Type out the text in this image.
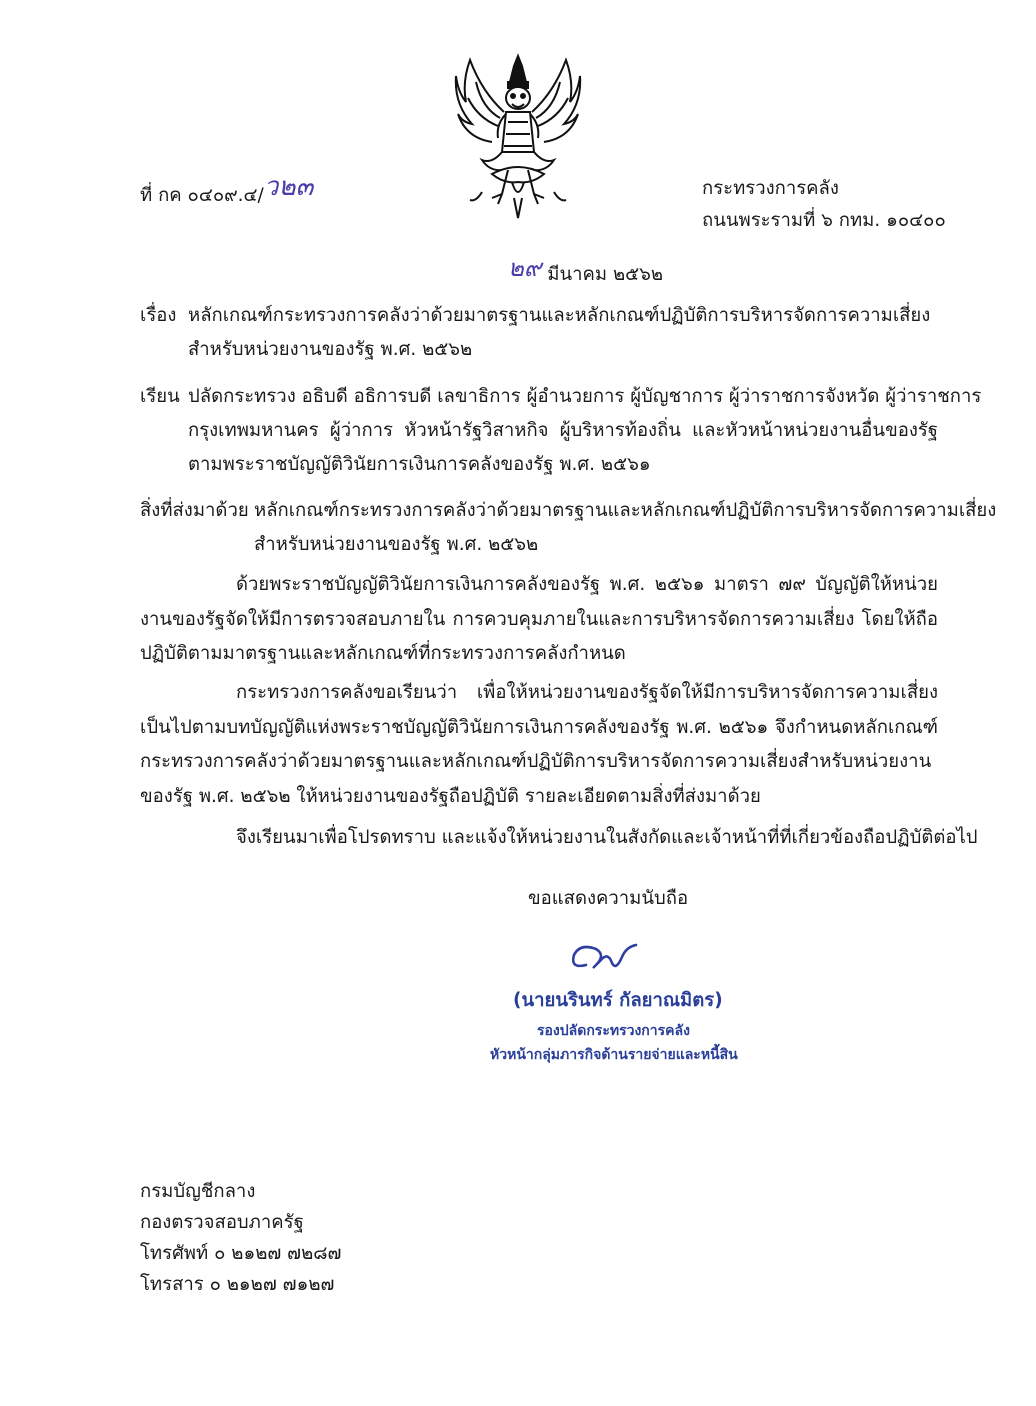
ที่ กค ๐๔๐๙.๔/ว๒๓	กระทรวงการคลัง
ถนนพระรามที่ ๖ กทม. ๑๐๔๐๐
๒๙ มีนาคม ๒๕๖๒
เรื่อง หลักเกณฑ์กระทรวงการคลังว่าด้วยมาตรฐานและหลักเกณฑ์ปฏิบัติการบริหารจัดการความเสี่ยง
สำหรับหน่วยงานของรัฐ พ.ศ. ๒๕๖๒
เรียน ปลัดกระทรวง อธิบดี อธิการบดี เลขาธิการ ผู้อำนวยการ ผู้บัญชาการ ผู้ว่าราชการจังหวัด ผู้ว่าราชการ
กรุงเทพมหานคร ผู้ว่าการ หัวหน้ารัฐวิสาหกิจ ผู้บริหารท้องถิ่น และหัวหน้าหน่วยงานอื่นของรัฐ
ตามพระราชบัญญัติวินัยการเงินการคลังของรัฐ พ.ศ. ๒๕๖๑
สิ่งที่ส่งมาด้วย หลักเกณฑ์กระทรวงการคลังว่าด้วยมาตรฐานและหลักเกณฑ์ปฏิบัติการบริหารจัดการความเสี่ยง
สำหรับหน่วยงานของรัฐ พ.ศ. ๒๕๖๒
ด้วยพระราชบัญญัติวินัยการเงินการคลังของรัฐ พ.ศ. ๒๕๖๑ มาตรา ๗๙ บัญญัติให้หน่วยงานของรัฐจัดให้มีการตรวจสอบภายใน การควบคุมภายในและการบริหารจัดการความเสี่ยง โดยให้ถือปฏิบัติตามมาตรฐานและหลักเกณฑ์ที่กระทรวงการคลังกำหนด
กระทรวงการคลังขอเรียนว่า เพื่อให้หน่วยงานของรัฐจัดให้มีการบริหารจัดการความเสี่ยงเป็นไปตามบทบัญญัติแห่งพระราชบัญญัติวินัยการเงินการคลังของรัฐ พ.ศ. ๒๕๖๑ จึงกำหนดหลักเกณฑ์กระทรวงการคลังว่าด้วยมาตรฐานและหลักเกณฑ์ปฏิบัติการบริหารจัดการความเสี่ยงสำหรับหน่วยงานของรัฐ พ.ศ. ๒๕๖๒ ให้หน่วยงานของรัฐถือปฏิบัติ รายละเอียดตามสิ่งที่ส่งมาด้วย
จึงเรียนมาเพื่อโปรดทราบ และแจ้งให้หน่วยงานในสังกัดและเจ้าหน้าที่ที่เกี่ยวข้องถือปฏิบัติต่อไป
ขอแสดงความนับถือ
(นายนรินทร์ กัลยาณมิตร)
รองปลัดกระทรวงการคลัง
หัวหน้ากลุ่มภารกิจด้านรายจ่ายและหนี้สิน
กรมบัญชีกลาง
กองตรวจสอบภาครัฐ
โทรศัพท์ ๐ ๒๑๒๗ ๗๒๘๗
โทรสาร ๐ ๒๑๒๗ ๗๑๒๗
